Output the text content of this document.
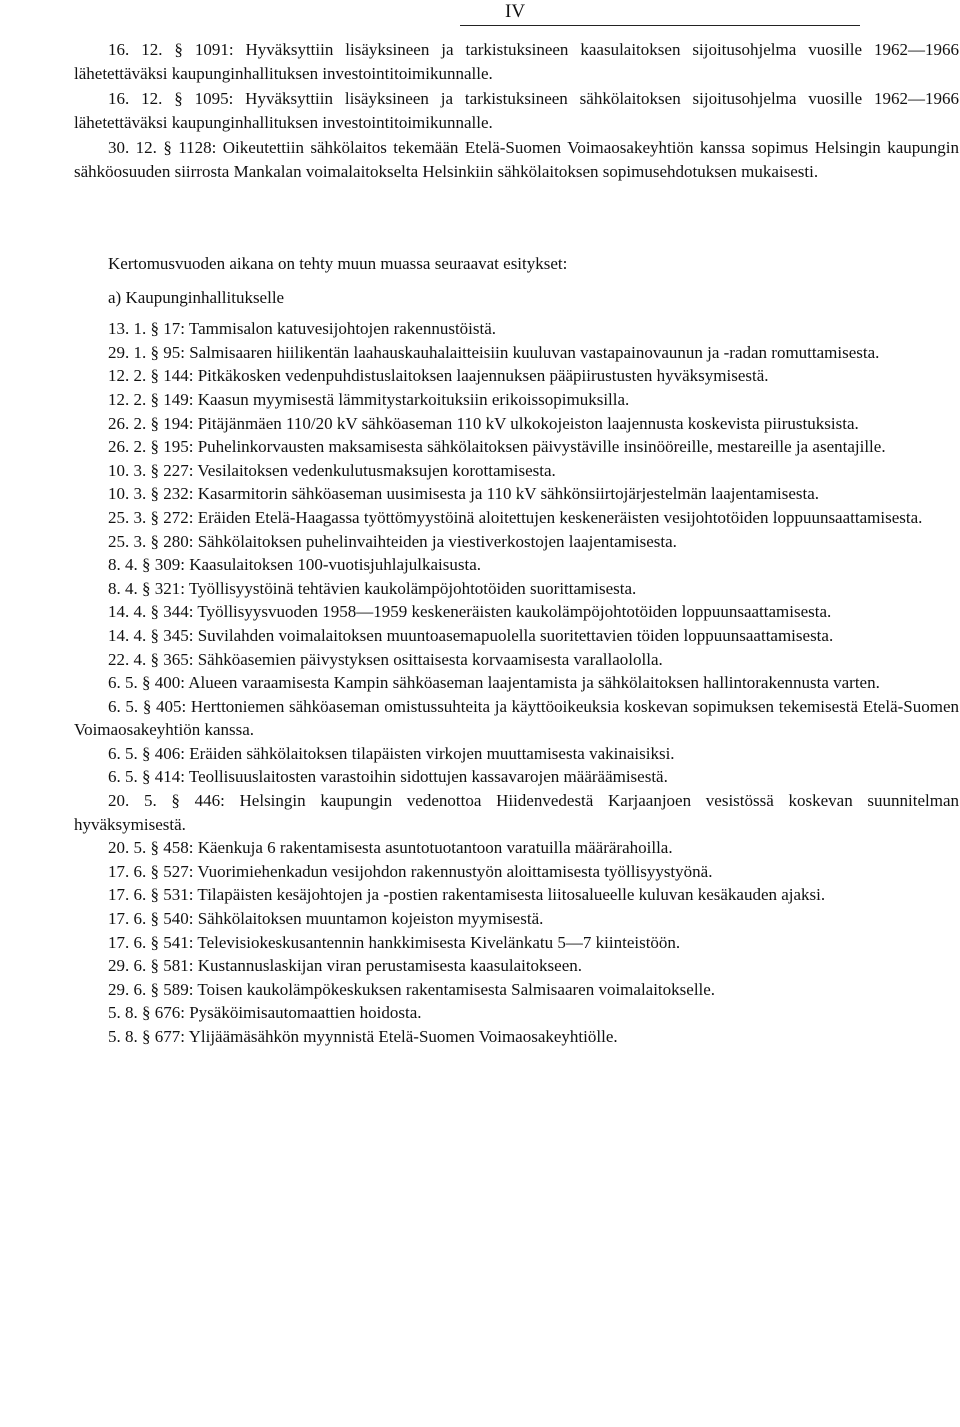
IV

16. 12. § 1091: Hyväksyttiin lisäyksineen ja tarkistuksineen kaasulaitoksen sijoitusohjelma vuosille 1962—1966 lähetettäväksi kaupunginhallituksen investointitoimikunnalle.

16. 12. § 1095: Hyväksyttiin lisäyksineen ja tarkistuksineen sähkölaitoksen sijoitusohjelma vuosille 1962—1966 lähetettäväksi kaupunginhallituksen investointitoimikunnalle.

30. 12. § 1128: Oikeutettiin sähkölaitos tekemään Etelä-Suomen Voimaosakeyhtiön kanssa sopimus Helsingin kaupungin sähköosuuden siirrosta Mankalan voimalaitokselta Helsinkiin sähkölaitoksen sopimusehdotuksen mukaisesti.

Kertomusvuoden aikana on tehty muun muassa seuraavat esitykset:

a) Kaupunginhallitukselle

13. 1. § 17: Tammisalon katuvesijohtojen rakennustöistä.

29. 1. § 95: Salmisaaren hiilikentän laahauskauhalaitteisiin kuuluvan vastapainovaunun ja -radan romuttamisesta.

12. 2. § 144: Pitkäkosken vedenpuhdistuslaitoksen laajennuksen pääpiirustusten hyväksymisestä.

12. 2. § 149: Kaasun myymisestä lämmitystarkoituksiin erikoissopimuksilla.

26. 2. § 194: Pitäjänmäen 110/20 kV sähköaseman 110 kV ulkokojeiston laajennusta koskevista piirustuksista.

26. 2. § 195: Puhelinkorvausten maksamisesta sähkölaitoksen päivystäville insinööreille, mestareille ja asentajille.

10. 3. § 227: Vesilaitoksen vedenkulutusmaksujen korottamisesta.

10. 3. § 232: Kasarmitorin sähköaseman uusimisesta ja 110 kV sähkönsiirtojärjestelmän laajentamisesta.

25. 3. § 272: Eräiden Etelä-Haagassa työttömyystöinä aloitettujen keskeneräisten vesijohtotöiden loppuunsaattamisesta.

25. 3. § 280: Sähkölaitoksen puhelinvaihteiden ja viestiverkostojen laajentamisesta.

8. 4. § 309: Kaasulaitoksen 100-vuotisjuhlajulkaisusta.

8. 4. § 321: Työllisyystöinä tehtävien kaukolämpöjohtotöiden suorittamisesta.

14. 4. § 344: Työllisyysvuoden 1958—1959 keskeneräisten kaukolämpöjohtotöiden loppuunsaattamisesta.

14. 4. § 345: Suvilahden voimalaitoksen muuntoasemapuolella suoritettavien töiden loppuunsaattamisesta.

22. 4. § 365: Sähköasemien päivystyksen osittaisesta korvaamisesta varallaololla.

6. 5. § 400: Alueen varaamisesta Kampin sähköaseman laajentamista ja sähkölaitoksen hallintorakennusta varten.

6. 5. § 405: Herttoniemen sähköaseman omistussuhteita ja käyttöoikeuksia koskevan sopimuksen tekemisestä Etelä-Suomen Voimaosakeyhtiön kanssa.

6. 5. § 406: Eräiden sähkölaitoksen tilapäisten virkojen muuttamisesta vakinaisiksi.

6. 5. § 414: Teollisuuslaitosten varastoihin sidottujen kassavarojen määräämisestä.

20. 5. § 446: Helsingin kaupungin vedenottoa Hiidenvedestä Karjaanjoen vesistössä koskevan suunnitelman hyväksymisestä.

20. 5. § 458: Käenkuja 6 rakentamisesta asuntotuotantoon varatuilla määrärahoilla.

17. 6. § 527: Vuorimiehenkadun vesijohdon rakennustyön aloittamisesta työllisyystyönä.

17. 6. § 531: Tilapäisten kesäjohtojen ja -postien rakentamisesta liitosalueelle kuluvan kesäkauden ajaksi.

17. 6. § 540: Sähkölaitoksen muuntamon kojeiston myymisestä.

17. 6. § 541: Televisiokeskusantennin hankkimisesta Kivelänkatu 5—7 kiinteistöön.

29. 6. § 581: Kustannuslaskijan viran perustamisesta kaasulaitokseen.

29. 6. § 589: Toisen kaukolämpökeskuksen rakentamisesta Salmisaaren voimalaitokselle.

5. 8. § 676: Pysäköimisautomaattien hoidosta.

5. 8. § 677: Ylijäämäsähkön myynnistä Etelä-Suomen Voimaosakeyhtiölle.
